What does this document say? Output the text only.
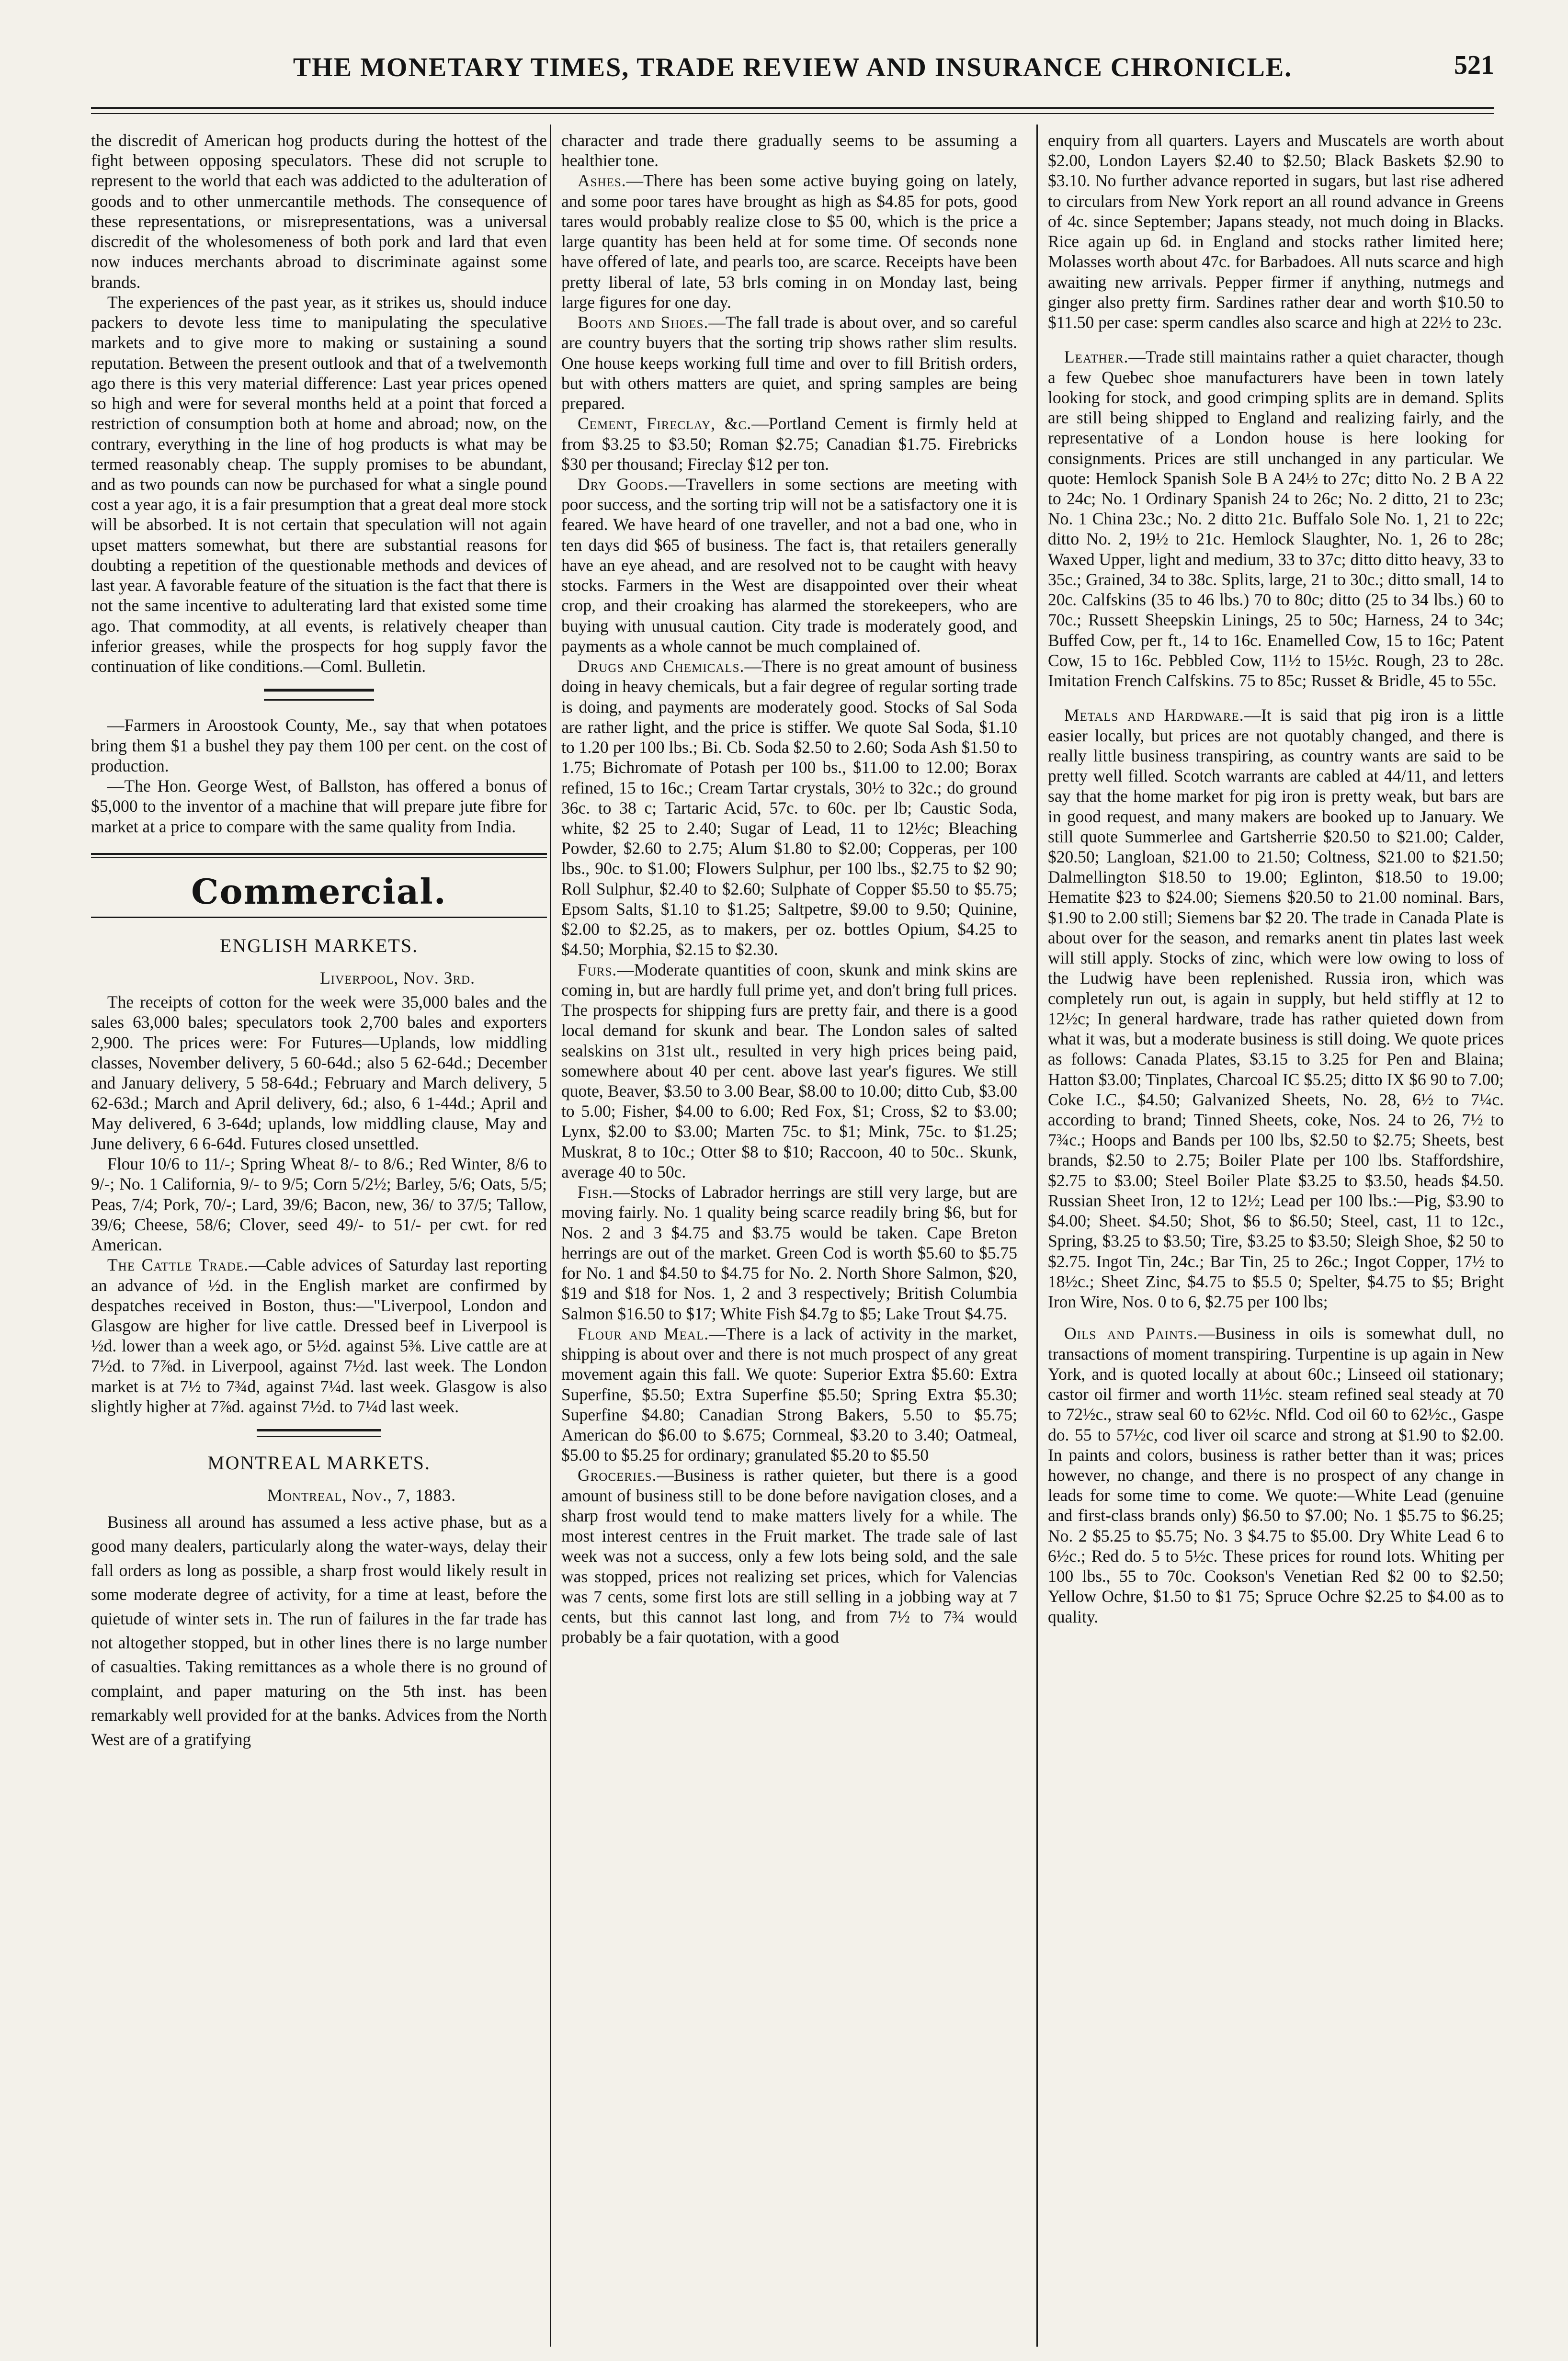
THE MONETARY TIMES, TRADE REVIEW AND INSURANCE CHRONICLE.	521

the discredit of American hog products during the hottest of the fight between opposing speculators. These did not scruple to represent to the world that each was addicted to the adulteration of goods and to other unmercantile methods. The consequence of these representations, or misrepresentations, was a universal discredit of the wholesomeness of both pork and lard that even now induces merchants abroad to discriminate against some brands.

The experiences of the past year, as it strikes us, should induce packers to devote less time to manipulating the speculative markets and to give more to making or sustaining a sound reputation. Between the present outlook and that of a twelvemonth ago there is this very material difference: Last year prices opened so high and were for several months held at a point that forced a restriction of consumption both at home and abroad; now, on the contrary, everything in the line of hog products is what may be termed reasonably cheap. The supply promises to be abundant, and as two pounds can now be purchased for what a single pound cost a year ago, it is a fair presumption that a great deal more stock will be absorbed. It is not certain that speculation will not again upset matters somewhat, but there are substantial reasons for doubting a repetition of the questionable methods and devices of last year. A favorable feature of the situation is the fact that there is not the same incentive to adulterating lard that existed some time ago. That commodity, at all events, is relatively cheaper than inferior greases, while the prospects for hog supply favor the continuation of like conditions.—Coml. Bulletin.

—Farmers in Aroostook County, Me., say that when potatoes bring them $1 a bushel they pay them 100 per cent. on the cost of production.

—The Hon. George West, of Ballston, has offered a bonus of $5,000 to the inventor of a machine that will prepare jute fibre for market at a price to compare with the same quality from India.

Commercial.
ENGLISH MARKETS.
Liverpool, Nov. 3rd.

The receipts of cotton for the week were 35,000 bales and the sales 63,000 bales; speculators took 2,700 bales and exporters 2,900. The prices were: For Futures—Uplands, low middling classes, November delivery, 5 60-64d.; also 5 62-64d.; December and January delivery, 5 58-64d.; February and March delivery, 5 62-63d.; March and April delivery, 6d.; also, 6 1-44d.; April and May delivered, 6 3-64d; uplands, low middling clause, May and June delivery, 6 6-64d. Futures closed unsettled.

Flour 10/6 to 11/-; Spring Wheat 8/- to 8/6.; Red Winter, 8/6 to 9/-; No. 1 California, 9/- to 9/5; Corn 5/2½; Barley, 5/6; Oats, 5/5; Peas, 7/4; Pork, 70/-; Lard, 39/6; Bacon, new, 36/ to 37/5; Tallow, 39/6; Cheese, 58/6; Clover, seed 49/- to 51/- per cwt. for red American.

The Cattle Trade.—Cable advices of Saturday last reporting an advance of ½d. in the English market are confirmed by despatches received in Boston, thus:—"Liverpool, London and Glasgow are higher for live cattle. Dressed beef in Liverpool is ½d. lower than a week ago, or 5½d. against 5⅜. Live cattle are at 7½d. to 7⅞d. in Liverpool, against 7½d. last week. The London market is at 7½ to 7¾d, against 7¼d. last week. Glasgow is also slightly higher at 7⅞d. against 7½d. to 7¼d last week.

MONTREAL MARKETS.
Montreal, Nov., 7, 1883.

Business all around has assumed a less active phase, but as a good many dealers, particularly along the water-ways, delay their fall orders as long as possible, a sharp frost would likely result in some moderate degree of activity, for a time at least, before the quietude of winter sets in. The run of failures in the far trade has not altogether stopped, but in other lines there is no large number of casualties. Taking remittances as a whole there is no ground of complaint, and paper maturing on the 5th inst. has been remarkably well provided for at the banks. Advices from the North West are of a gratifying

character and trade there gradually seems to be assuming a healthier tone.

Ashes.—There has been some active buying going on lately, and some poor tares have brought as high as $4.85 for pots, good tares would probably realize close to $5 00, which is the price a large quantity has been held at for some time. Of seconds none have offered of late, and pearls too, are scarce. Receipts have been pretty liberal of late, 53 brls coming in on Monday last, being large figures for one day.

Boots and Shoes.—The fall trade is about over, and so careful are country buyers that the sorting trip shows rather slim results. One house keeps working full time and over to fill British orders, but with others matters are quiet, and spring samples are being prepared.

Cement, Fireclay, &c.—Portland Cement is firmly held at from $3.25 to $3.50; Roman $2.75; Canadian $1.75. Firebricks $30 per thousand; Fireclay $12 per ton.

Dry Goods.—Travellers in some sections are meeting with poor success, and the sorting trip will not be a satisfactory one it is feared. We have heard of one traveller, and not a bad one, who in ten days did $65 of business. The fact is, that retailers generally have an eye ahead, and are resolved not to be caught with heavy stocks. Farmers in the West are disappointed over their wheat crop, and their croaking has alarmed the storekeepers, who are buying with unusual caution. City trade is moderately good, and payments as a whole cannot be much complained of.

Drugs and Chemicals.—There is no great amount of business doing in heavy chemicals, but a fair degree of regular sorting trade is doing, and payments are moderately good. Stocks of Sal Soda are rather light, and the price is stiffer. We quote Sal Soda, $1.10 to 1.20 per 100 lbs.; Bi. Cb. Soda $2.50 to 2.60; Soda Ash $1.50 to 1.75; Bichromate of Potash per 100 bs., $11.00 to 12.00; Borax refined, 15 to 16c.; Cream Tartar crystals, 30½ to 32c.; do ground 36c. to 38 c; Tartaric Acid, 57c. to 60c. per lb; Caustic Soda, white, $2 25 to 2.40; Sugar of Lead, 11 to 12½c; Bleaching Powder, $2.60 to 2.75; Alum $1.80 to $2.00; Copperas, per 100 lbs., 90c. to $1.00; Flowers Sulphur, per 100 lbs., $2.75 to $2 90; Roll Sulphur, $2.40 to $2.60; Sulphate of Copper $5.50 to $5.75; Epsom Salts, $1.10 to $1.25; Saltpetre, $9.00 to 9.50; Quinine, $2.00 to $2.25, as to makers, per oz. bottles Opium, $4.25 to $4.50; Morphia, $2.15 to $2.30.

Furs.—Moderate quantities of coon, skunk and mink skins are coming in, but are hardly full prime yet, and don't bring full prices. The prospects for shipping furs are pretty fair, and there is a good local demand for skunk and bear. The London sales of salted sealskins on 31st ult., resulted in very high prices being paid, somewhere about 40 per cent. above last year's figures. We still quote, Beaver, $3.50 to 3.00 Bear, $8.00 to 10.00; ditto Cub, $3.00 to 5.00; Fisher, $4.00 to 6.00; Red Fox, $1; Cross, $2 to $3.00; Lynx, $2.00 to $3.00; Marten 75c. to $1; Mink, 75c. to $1.25; Muskrat, 8 to 10c.; Otter $8 to $10; Raccoon, 40 to 50c.. Skunk, average 40 to 50c.

Fish.—Stocks of Labrador herrings are still very large, but are moving fairly. No. 1 quality being scarce readily bring $6, but for Nos. 2 and 3 $4.75 and $3.75 would be taken. Cape Breton herrings are out of the market. Green Cod is worth $5.60 to $5.75 for No. 1 and $4.50 to $4.75 for No. 2. North Shore Salmon, $20, $19 and $18 for Nos. 1, 2 and 3 respectively; British Columbia Salmon $16.50 to $17; White Fish $4.7g to $5; Lake Trout $4.75.

Flour and Meal.—There is a lack of activity in the market, shipping is about over and there is not much prospect of any great movement again this fall. We quote: Superior Extra $5.60: Extra Superfine, $5.50; Extra Superfine $5.50; Spring Extra $5.30; Superfine $4.80; Canadian Strong Bakers, 5.50 to $5.75; American do $6.00 to $.675; Cornmeal, $3.20 to 3.40; Oatmeal, $5.00 to $5.25 for ordinary; granulated $5.20 to $5.50

Groceries.—Business is rather quieter, but there is a good amount of business still to be done before navigation closes, and a sharp frost would tend to make matters lively for a while. The most interest centres in the Fruit market. The trade sale of last week was not a success, only a few lots being sold, and the sale was stopped, prices not realizing set prices, which for Valencias was 7 cents, some first lots are still selling in a jobbing way at 7 cents, but this cannot last long, and from 7½ to 7¾ would probably be a fair quotation, with a good

enquiry from all quarters. Layers and Muscatels are worth about $2.00, London Layers $2.40 to $2.50; Black Baskets $2.90 to $3.10. No further advance reported in sugars, but last rise adhered to circulars from New York report an all round advance in Greens of 4c. since September; Japans steady, not much doing in Blacks. Rice again up 6d. in England and stocks rather limited here; Molasses worth about 47c. for Barbadoes. All nuts scarce and high awaiting new arrivals. Pepper firmer if anything, nutmegs and ginger also pretty firm. Sardines rather dear and worth $10.50 to $11.50 per case: sperm candles also scarce and high at 22½ to 23c.

Leather.—Trade still maintains rather a quiet character, though a few Quebec shoe manufacturers have been in town lately looking for stock, and good crimping splits are in demand. Splits are still being shipped to England and realizing fairly, and the representative of a London house is here looking for consignments. Prices are still unchanged in any particular. We quote: Hemlock Spanish Sole B A 24½ to 27c; ditto No. 2 B A 22 to 24c; No. 1 Ordinary Spanish 24 to 26c; No. 2 ditto, 21 to 23c; No. 1 China 23c.; No. 2 ditto 21c. Buffalo Sole No. 1, 21 to 22c; ditto No. 2, 19½ to 21c. Hemlock Slaughter, No. 1, 26 to 28c; Waxed Upper, light and medium, 33 to 37c; ditto ditto heavy, 33 to 35c.; Grained, 34 to 38c. Splits, large, 21 to 30c.; ditto small, 14 to 20c. Calfskins (35 to 46 lbs.) 70 to 80c; ditto (25 to 34 lbs.) 60 to 70c.; Russett Sheepskin Linings, 25 to 50c; Harness, 24 to 34c; Buffed Cow, per ft., 14 to 16c. Enamelled Cow, 15 to 16c; Patent Cow, 15 to 16c. Pebbled Cow, 11½ to 15½c. Rough, 23 to 28c. Imitation French Calfskins. 75 to 85c; Russet & Bridle, 45 to 55c.

Metals and Hardware.—It is said that pig iron is a little easier locally, but prices are not quotably changed, and there is really little business transpiring, as country wants are said to be pretty well filled. Scotch warrants are cabled at 44/11, and letters say that the home market for pig iron is pretty weak, but bars are in good request, and many makers are booked up to January. We still quote Summerlee and Gartsherrie $20.50 to $21.00; Calder, $20.50; Langloan, $21.00 to 21.50; Coltness, $21.00 to $21.50; Dalmellington $18.50 to 19.00; Eglinton, $18.50 to 19.00; Hematite $23 to $24.00; Siemens $20.50 to 21.00 nominal. Bars, $1.90 to 2.00 still; Siemens bar $2 20. The trade in Canada Plate is about over for the season, and remarks anent tin plates last week will still apply. Stocks of zinc, which were low owing to loss of the Ludwig have been replenished. Russia iron, which was completely run out, is again in supply, but held stiffly at 12 to 12½c; In general hardware, trade has rather quieted down from what it was, but a moderate business is still doing. We quote prices as follows: Canada Plates, $3.15 to 3.25 for Pen and Blaina; Hatton $3.00; Tinplates, Charcoal IC $5.25; ditto IX $6 90 to 7.00; Coke I.C., $4.50; Galvanized Sheets, No. 28, 6½ to 7¼c. according to brand; Tinned Sheets, coke, Nos. 24 to 26, 7½ to 7¾c.; Hoops and Bands per 100 lbs, $2.50 to $2.75; Sheets, best brands, $2.50 to 2.75; Boiler Plate per 100 lbs. Staffordshire, $2.75 to $3.00; Steel Boiler Plate $3.25 to $3.50, heads $4.50. Russian Sheet Iron, 12 to 12½; Lead per 100 lbs.:—Pig, $3.90 to $4.00; Sheet. $4.50; Shot, $6 to $6.50; Steel, cast, 11 to 12c., Spring, $3.25 to $3.50; Tire, $3.25 to $3.50; Sleigh Shoe, $2 50 to $2.75. Ingot Tin, 24c.; Bar Tin, 25 to 26c.; Ingot Copper, 17½ to 18½c.; Sheet Zinc, $4.75 to $5.5 0; Spelter, $4.75 to $5; Bright Iron Wire, Nos. 0 to 6, $2.75 per 100 lbs;

Oils and Paints.—Business in oils is somewhat dull, no transactions of moment transpiring. Turpentine is up again in New York, and is quoted locally at about 60c.; Linseed oil stationary; castor oil firmer and worth 11½c. steam refined seal steady at 70 to 72½c., straw seal 60 to 62½c. Nfld. Cod oil 60 to 62½c., Gaspe do. 55 to 57½c, cod liver oil scarce and strong at $1.90 to $2.00. In paints and colors, business is rather better than it was; prices however, no change, and there is no prospect of any change in leads for some time to come. We quote:—White Lead (genuine and first-class brands only) $6.50 to $7.00; No. 1 $5.75 to $6.25; No. 2 $5.25 to $5.75; No. 3 $4.75 to $5.00. Dry White Lead 6 to 6½c.; Red do. 5 to 5½c. These prices for round lots. Whiting per 100 lbs., 55 to 70c. Cookson's Venetian Red $2 00 to $2.50; Yellow Ochre, $1.50 to $1 75; Spruce Ochre $2.25 to $4.00 as to quality.
